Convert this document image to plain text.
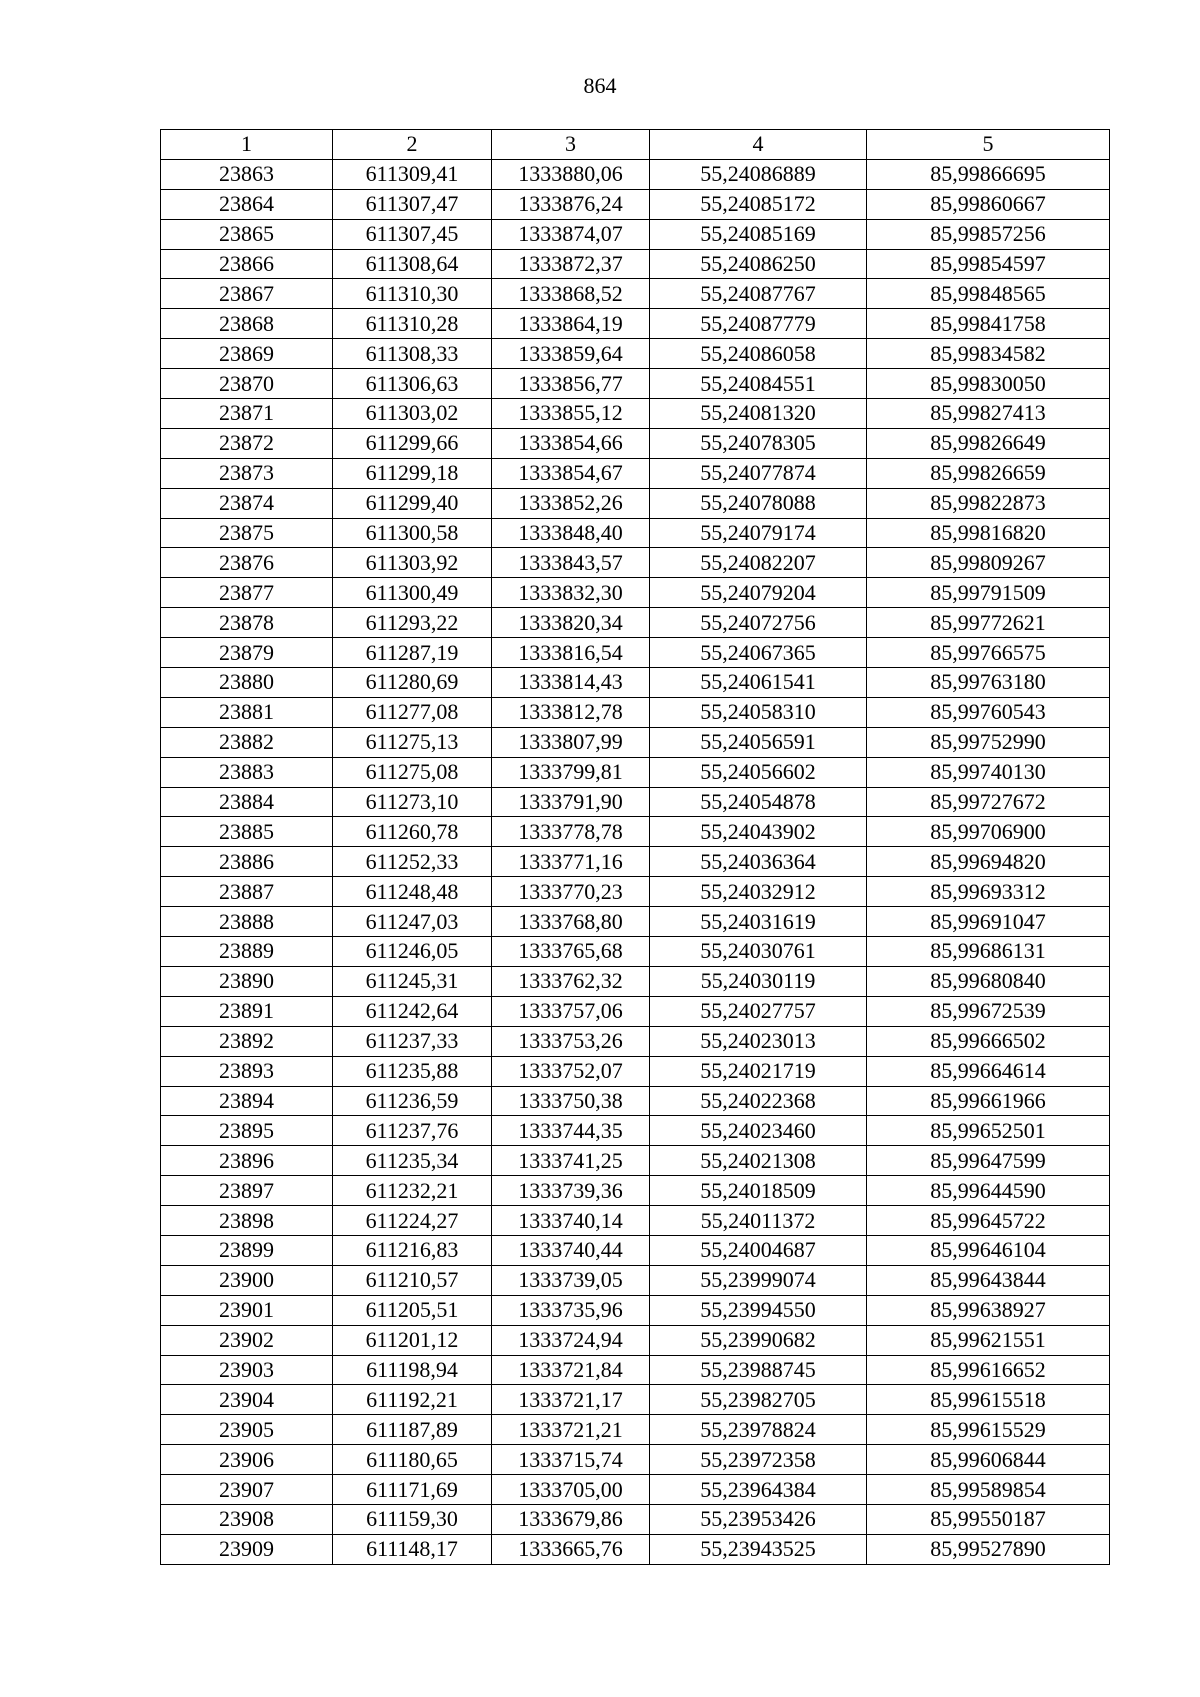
864
1	2	3	4	5
23863	611309,41	1333880,06	55,24086889	85,99866695
23864	611307,47	1333876,24	55,24085172	85,99860667
23865	611307,45	1333874,07	55,24085169	85,99857256
23866	611308,64	1333872,37	55,24086250	85,99854597
23867	611310,30	1333868,52	55,24087767	85,99848565
23868	611310,28	1333864,19	55,24087779	85,99841758
23869	611308,33	1333859,64	55,24086058	85,99834582
23870	611306,63	1333856,77	55,24084551	85,99830050
23871	611303,02	1333855,12	55,24081320	85,99827413
23872	611299,66	1333854,66	55,24078305	85,99826649
23873	611299,18	1333854,67	55,24077874	85,99826659
23874	611299,40	1333852,26	55,24078088	85,99822873
23875	611300,58	1333848,40	55,24079174	85,99816820
23876	611303,92	1333843,57	55,24082207	85,99809267
23877	611300,49	1333832,30	55,24079204	85,99791509
23878	611293,22	1333820,34	55,24072756	85,99772621
23879	611287,19	1333816,54	55,24067365	85,99766575
23880	611280,69	1333814,43	55,24061541	85,99763180
23881	611277,08	1333812,78	55,24058310	85,99760543
23882	611275,13	1333807,99	55,24056591	85,99752990
23883	611275,08	1333799,81	55,24056602	85,99740130
23884	611273,10	1333791,90	55,24054878	85,99727672
23885	611260,78	1333778,78	55,24043902	85,99706900
23886	611252,33	1333771,16	55,24036364	85,99694820
23887	611248,48	1333770,23	55,24032912	85,99693312
23888	611247,03	1333768,80	55,24031619	85,99691047
23889	611246,05	1333765,68	55,24030761	85,99686131
23890	611245,31	1333762,32	55,24030119	85,99680840
23891	611242,64	1333757,06	55,24027757	85,99672539
23892	611237,33	1333753,26	55,24023013	85,99666502
23893	611235,88	1333752,07	55,24021719	85,99664614
23894	611236,59	1333750,38	55,24022368	85,99661966
23895	611237,76	1333744,35	55,24023460	85,99652501
23896	611235,34	1333741,25	55,24021308	85,99647599
23897	611232,21	1333739,36	55,24018509	85,99644590
23898	611224,27	1333740,14	55,24011372	85,99645722
23899	611216,83	1333740,44	55,24004687	85,99646104
23900	611210,57	1333739,05	55,23999074	85,99643844
23901	611205,51	1333735,96	55,23994550	85,99638927
23902	611201,12	1333724,94	55,23990682	85,99621551
23903	611198,94	1333721,84	55,23988745	85,99616652
23904	611192,21	1333721,17	55,23982705	85,99615518
23905	611187,89	1333721,21	55,23978824	85,99615529
23906	611180,65	1333715,74	55,23972358	85,99606844
23907	611171,69	1333705,00	55,23964384	85,99589854
23908	611159,30	1333679,86	55,23953426	85,99550187
23909	611148,17	1333665,76	55,23943525	85,99527890
